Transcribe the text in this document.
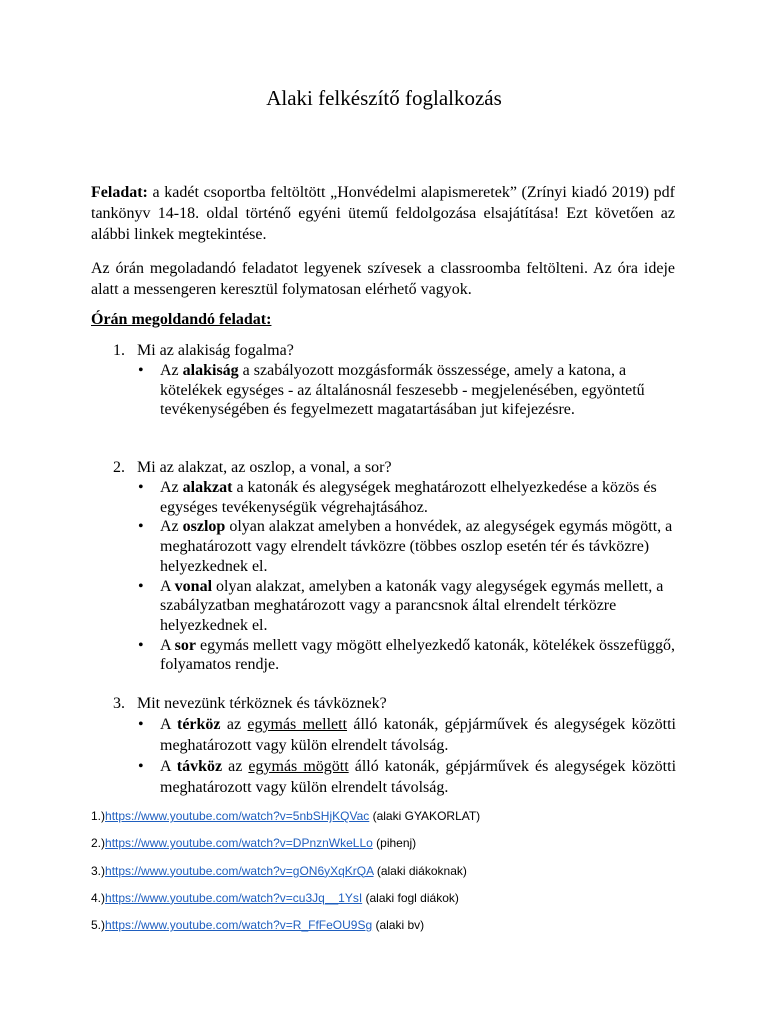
Alaki felkészítő foglalkozás
Feladat: a kadét csoportba feltöltött „Honvédelmi alapismeretek” (Zrínyi kiadó 2019) pdf tankönyv 14-18. oldal történő egyéni ütemű feldolgozása elsajátítása! Ezt követően az alábbi linkek megtekintése.
Az órán megoladandó feladatot legyenek szívesek a classroomba feltölteni. Az óra ideje alatt a messengeren keresztül folymatosan elérhető vagyok.
Órán megoldandó feladat:
1. Mi az alakiság fogalma?
• Az alakiság a szabályozott mozgásformák összessége, amely a katona, a kötelékek egységes - az általánosnál feszesebb - megjelenésében, egyöntetű tevékenységében és fegyelmezett magatartásában jut kifejezésre.
2. Mi az alakzat, az oszlop, a vonal, a sor?
• Az alakzat a katonák és alegységek meghatározott elhelyezkedése a közös és egységes tevékenységük végrehajtásához.
• Az oszlop olyan alakzat amelyben a honvédek, az alegységek egymás mögött, a meghatározott vagy elrendelt távközre (többes oszlop esetén tér és távközre) helyezkednek el.
• A vonal olyan alakzat, amelyben a katonák vagy alegységek egymás mellett, a szabályzatban meghatározott vagy a parancsnok által elrendelt térközre helyezkednek el.
• A sor egymás mellett vagy mögött elhelyezkedő katonák, kötelékek összefüggő, folyamatos rendje.
3. Mit nevezünk térköznek és távköznek?
• A térköz az egymás mellett álló katonák, gépjárművek és alegységek közötti meghatározott vagy külön elrendelt távolság.
• A távköz az egymás mögött álló katonák, gépjárművek és alegységek közötti meghatározott vagy külön elrendelt távolság.
1.)https://www.youtube.com/watch?v=5nbSHjKQVac (alaki GYAKORLAT)
2.)https://www.youtube.com/watch?v=DPnznWkeLLo (pihenj)
3.)https://www.youtube.com/watch?v=gON6yXqKrQA (alaki diákoknak)
4.)https://www.youtube.com/watch?v=cu3Jq__1YsI (alaki fogl diákok)
5.)https://www.youtube.com/watch?v=R_FfFeOU9Sg (alaki bv)
